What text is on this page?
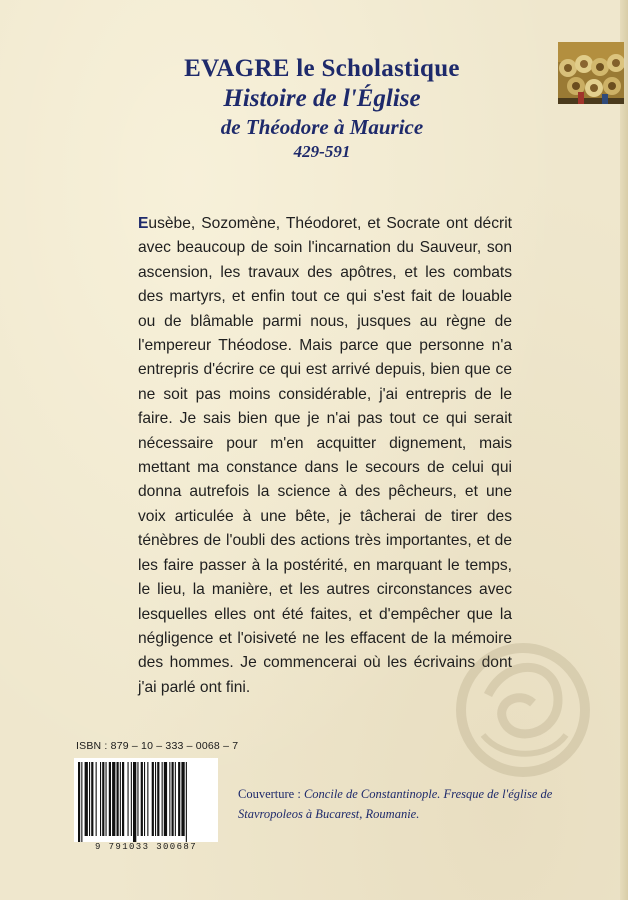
EVAGRE le Scholastique
Histoire de l'Église
de Théodore à Maurice
429-591
Eusèbe, Sozomène, Théodoret, et Socrate ont décrit avec beaucoup de soin l'incarnation du Sauveur, son ascension, les travaux des apôtres, et les combats des martyrs, et enfin tout ce qui s'est fait de louable ou de blâmable parmi nous, jusques au règne de l'empereur Théodose. Mais parce que personne n'a entrepris d'écrire ce qui est arrivé depuis, bien que ce ne soit pas moins considérable, j'ai entrepris de le faire. Je sais bien que je n'ai pas tout ce qui serait nécessaire pour m'en acquitter dignement, mais mettant ma constance dans le secours de celui qui donna autrefois la science à des pêcheurs, et une voix articulée à une bête, je tâcherai de tirer des ténèbres de l'oubli des actions très importantes, et de les faire passer à la postérité, en marquant le temps, le lieu, la manière, et les autres circonstances avec lesquelles elles ont été faites, et d'empêcher que la négligence et l'oisiveté ne les effacent de la mémoire des hommes. Je commencerai où les écrivains dont j'ai parlé ont fini.
ISBN : 879 – 10 – 333 – 0068 – 7
9 791033 300687
Couverture : Concile de Constantinople. Fresque de l'église de Stavropoleos à Bucarest, Roumanie.
